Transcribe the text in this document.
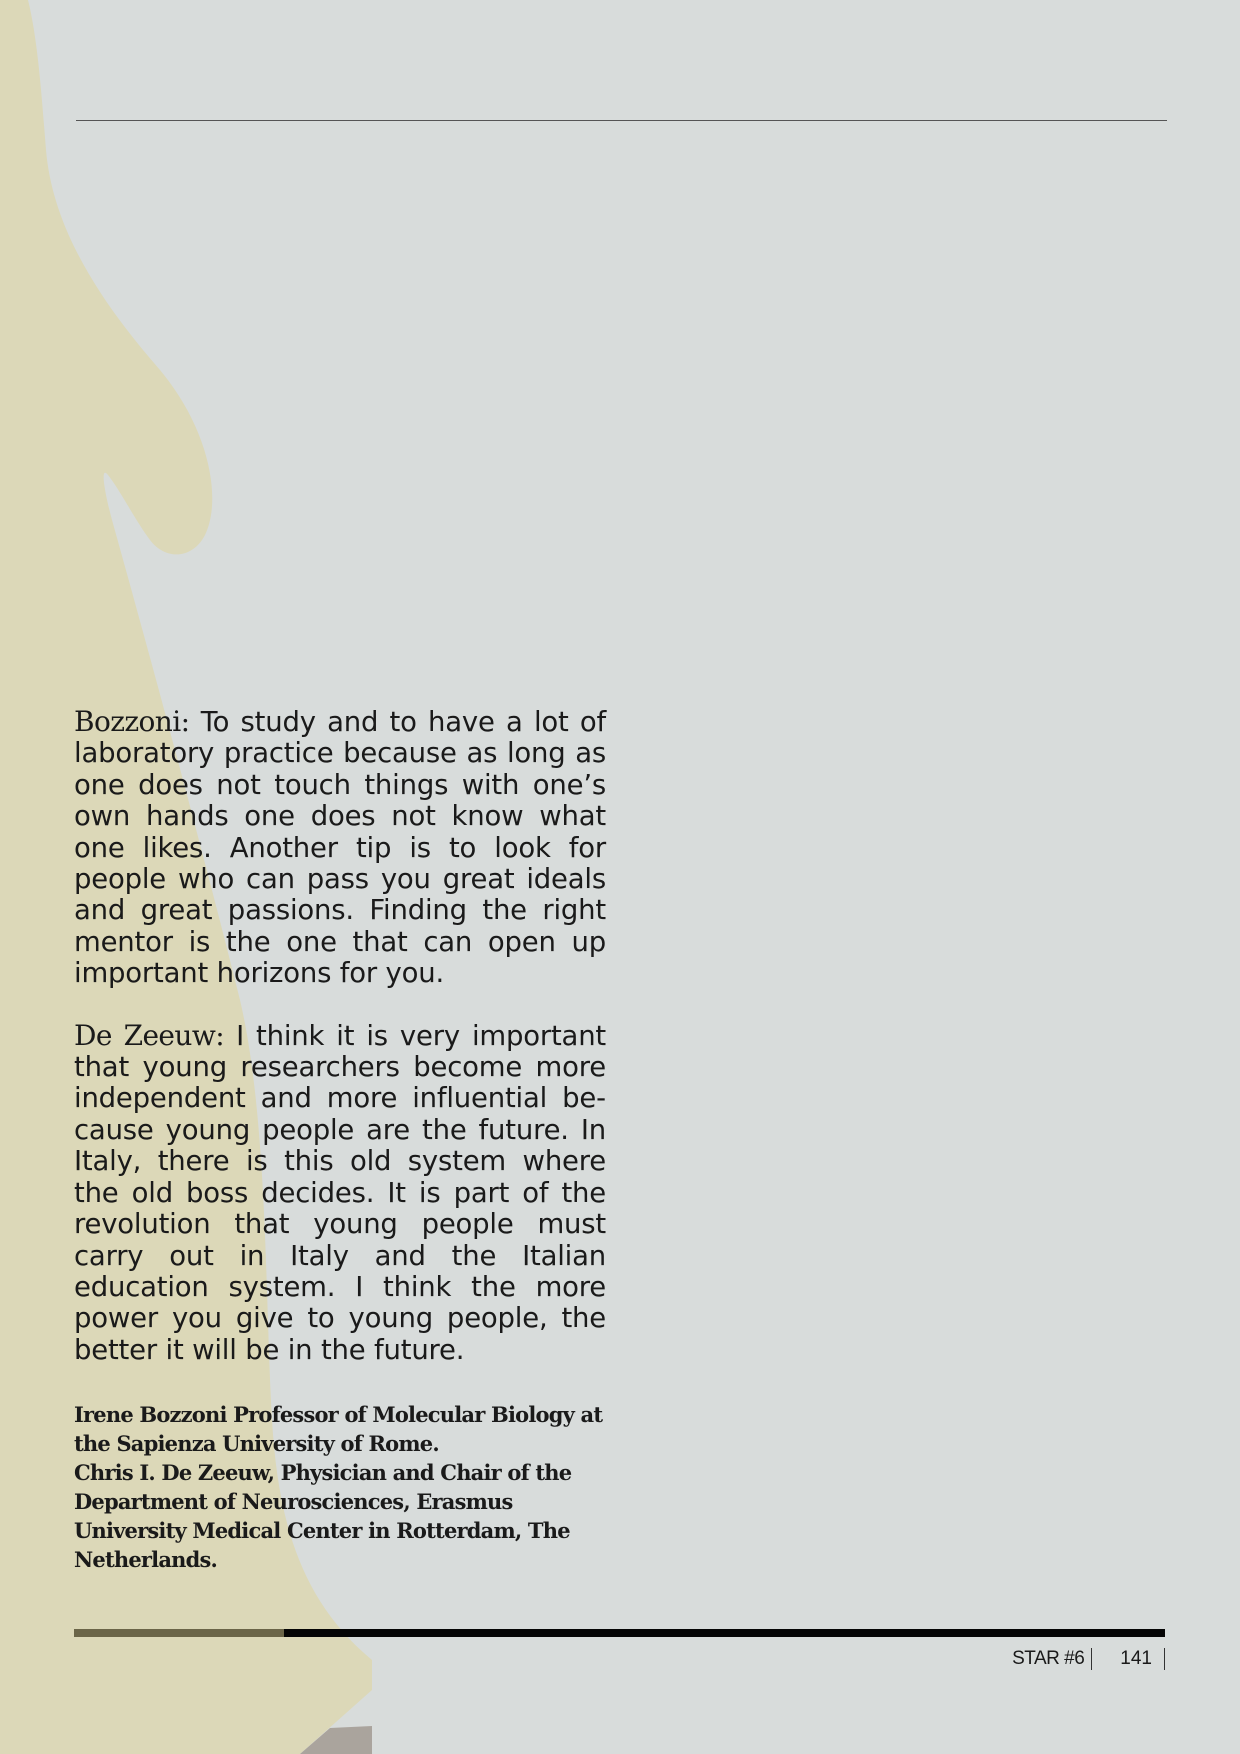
Bozzoni: To study and to have a lot of laboratory practice because as long as one does not touch things with one’s own hands one does not know what one likes. Another tip is to look for people who can pass you great ideals and great passions. Finding the right mentor is the one that can open up important horizons for you.

De Zeeuw: I think it is very important that young researchers become more independent and more influential because young people are the future. In Italy, there is this old system where the old boss decides. It is part of the revolution that young people must carry out in Italy and the Italian education system. I think the more power you give to young people, the better it will be in the future.

Irene Bozzoni Professor of Molecular Biology at the Sapienza University of Rome.

Chris I. De Zeeuw, Physician and Chair of the Department of Neurosciences, Erasmus University Medical Center in Rotterdam, The Netherlands.

STAR #6	141
